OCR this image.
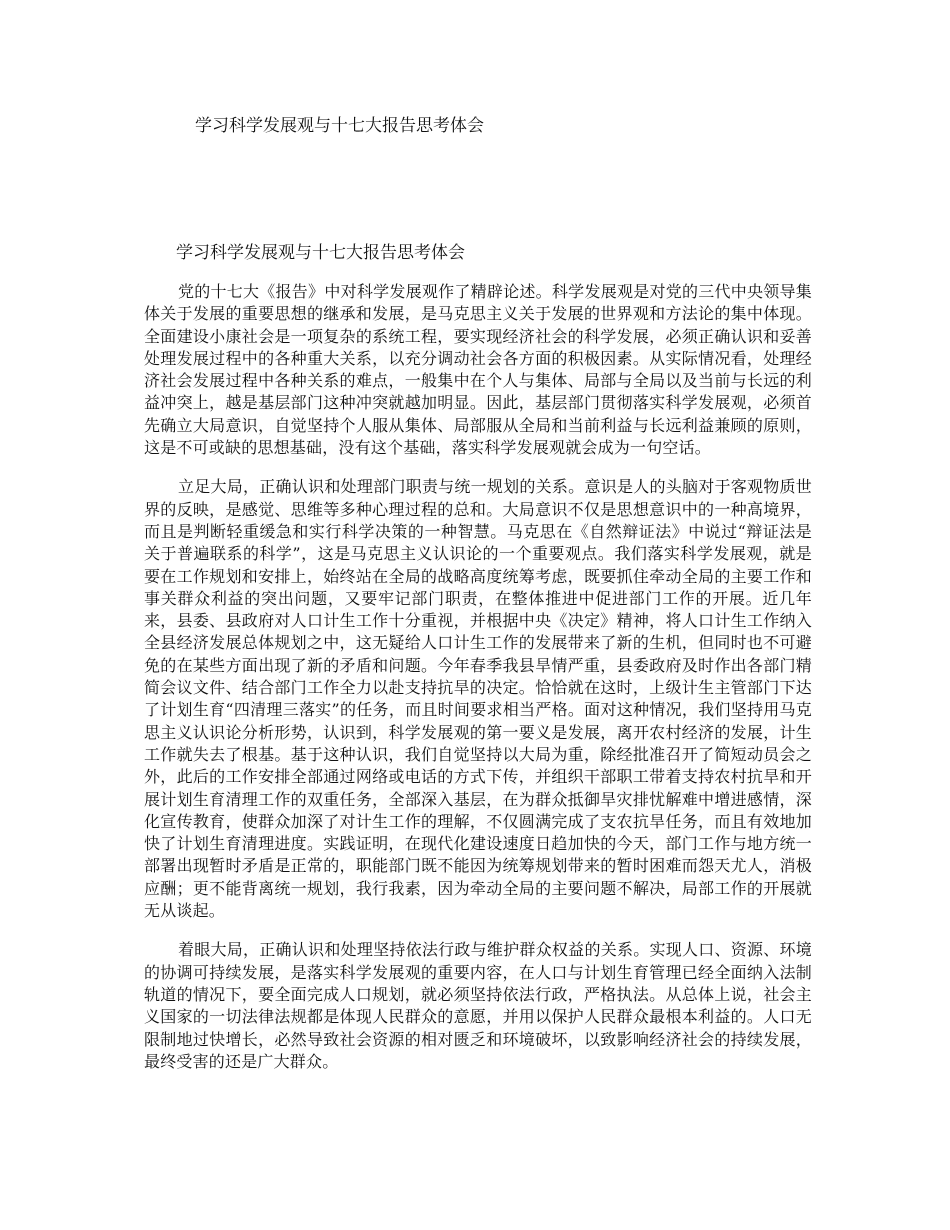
学习科学发展观与十七大报告思考体会
学习科学发展观与十七大报告思考体会

党的十七大《报告》中对科学发展观作了精辟论述。科学发展观是对党的三代中央领导集体关于发展的重要思想的继承和发展，是马克思主义关于发展的世界观和方法论的集中体现。全面建设小康社会是一项复杂的系统工程，要实现经济社会的科学发展，必须正确认识和妥善处理发展过程中的各种重大关系，以充分调动社会各方面的积极因素。从实际情况看，处理经济社会发展过程中各种关系的难点，一般集中在个人与集体、局部与全局以及当前与长远的利益冲突上，越是基层部门这种冲突就越加明显。因此，基层部门贯彻落实科学发展观，必须首先确立大局意识，自觉坚持个人服从集体、局部服从全局和当前利益与长远利益兼顾的原则，这是不可或缺的思想基础，没有这个基础，落实科学发展观就会成为一句空话。

立足大局，正确认识和处理部门职责与统一规划的关系。意识是人的头脑对于客观物质世界的反映，是感觉、思维等多种心理过程的总和。大局意识不仅是思想意识中的一种高境界，而且是判断轻重缓急和实行科学决策的一种智慧。马克思在《自然辩证法》中说过“辩证法是关于普遍联系的科学”，这是马克思主义认识论的一个重要观点。我们落实科学发展观，就是要在工作规划和安排上，始终站在全局的战略高度统筹考虑，既要抓住牵动全局的主要工作和事关群众利益的突出问题，又要牢记部门职责，在整体推进中促进部门工作的开展。近几年来，县委、县政府对人口计生工作十分重视，并根据中央《决定》精神，将人口计生工作纳入全县经济发展总体规划之中，这无疑给人口计生工作的发展带来了新的生机，但同时也不可避免的在某些方面出现了新的矛盾和问题。今年春季我县旱情严重，县委政府及时作出各部门精简会议文件、结合部门工作全力以赴支持抗旱的决定。恰恰就在这时，上级计生主管部门下达了计划生育“四清理三落实”的任务，而且时间要求相当严格。面对这种情况，我们坚持用马克思主义认识论分析形势，认识到，科学发展观的第一要义是发展，离开农村经济的发展，计生工作就失去了根基。基于这种认识，我们自觉坚持以大局为重，除经批准召开了简短动员会之外，此后的工作安排全部通过网络或电话的方式下传，并组织干部职工带着支持农村抗旱和开展计划生育清理工作的双重任务，全部深入基层，在为群众抵御旱灾排忧解难中增进感情，深化宣传教育，使群众加深了对计生工作的理解，不仅圆满完成了支农抗旱任务，而且有效地加快了计划生育清理进度。实践证明，在现代化建设速度日趋加快的今天，部门工作与地方统一部署出现暂时矛盾是正常的，职能部门既不能因为统筹规划带来的暂时困难而怨天尤人，消极应酬；更不能背离统一规划，我行我素，因为牵动全局的主要问题不解决，局部工作的开展就无从谈起。

着眼大局，正确认识和处理坚持依法行政与维护群众权益的关系。实现人口、资源、环境的协调可持续发展，是落实科学发展观的重要内容，在人口与计划生育管理已经全面纳入法制轨道的情况下，要全面完成人口规划，就必须坚持依法行政，严格执法。从总体上说，社会主义国家的一切法律法规都是体现人民群众的意愿，并用以保护人民群众最根本利益的。人口无限制地过快增长，必然导致社会资源的相对匮乏和环境破坏，以致影响经济社会的持续发展，最终受害的还是广大群众。
